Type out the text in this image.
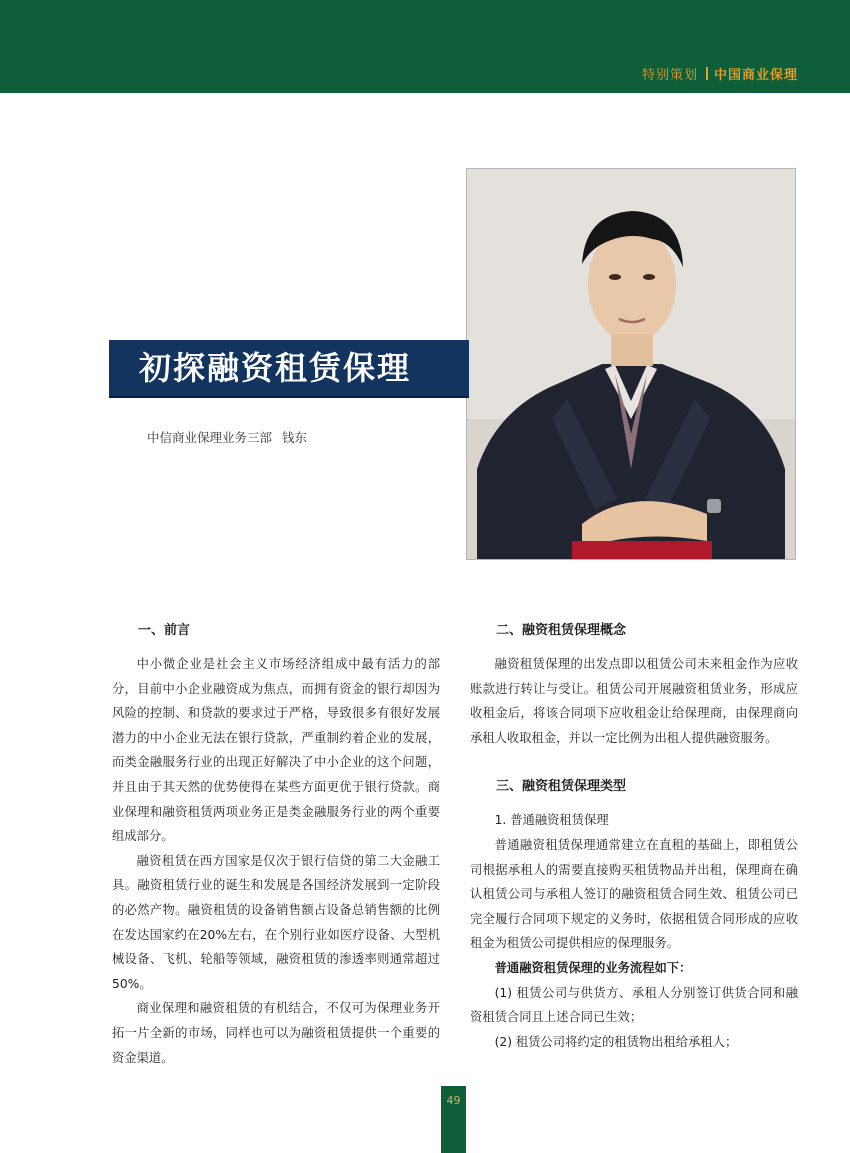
特别策划 中国商业保理
初探融资租赁保理
中信商业保理业务三部 钱东
一、前言

中小微企业是社会主义市场经济组成中最有活力的部分，目前中小企业融资成为焦点，而拥有资金的银行却因为风险的控制、和贷款的要求过于严格，导致很多有很好发展潜力的中小企业无法在银行贷款，严重制约着企业的发展，而类金融服务行业的出现正好解决了中小企业的这个问题，并且由于其天然的优势使得在某些方面更优于银行贷款。商业保理和融资租赁两项业务正是类金融服务行业的两个重要组成部分。

融资租赁在西方国家是仅次于银行信贷的第二大金融工具。融资租赁行业的诞生和发展是各国经济发展到一定阶段的必然产物。融资租赁的设备销售额占设备总销售额的比例在发达国家约在20%左右，在个别行业如医疗设备、大型机械设备、飞机、轮船等领域，融资租赁的渗透率则通常超过50%。

商业保理和融资租赁的有机结合，不仅可为保理业务开拓一片全新的市场，同样也可以为融资租赁提供一个重要的资金渠道。

二、融资租赁保理概念

融资租赁保理的出发点即以租赁公司未来租金作为应收账款进行转让与受让。租赁公司开展融资租赁业务，形成应收租金后，将该合同项下应收租金让给保理商，由保理商向承租人收取租金，并以一定比例为出租人提供融资服务。

三、融资租赁保理类型

1. 普通融资租赁保理

普通融资租赁保理通常建立在直租的基础上，即租赁公司根据承租人的需要直接购买租赁物品并出租，保理商在确认租赁公司与承租人签订的融资租赁合同生效、租赁公司已完全履行合同项下规定的义务时，依据租赁合同形成的应收租金为租赁公司提供相应的保理服务。

普通融资租赁保理的业务流程如下：

(1) 租赁公司与供货方、承租人分别签订供货合同和融资租赁合同且上述合同已生效；

(2) 租赁公司将约定的租赁物出租给承租人；

49
